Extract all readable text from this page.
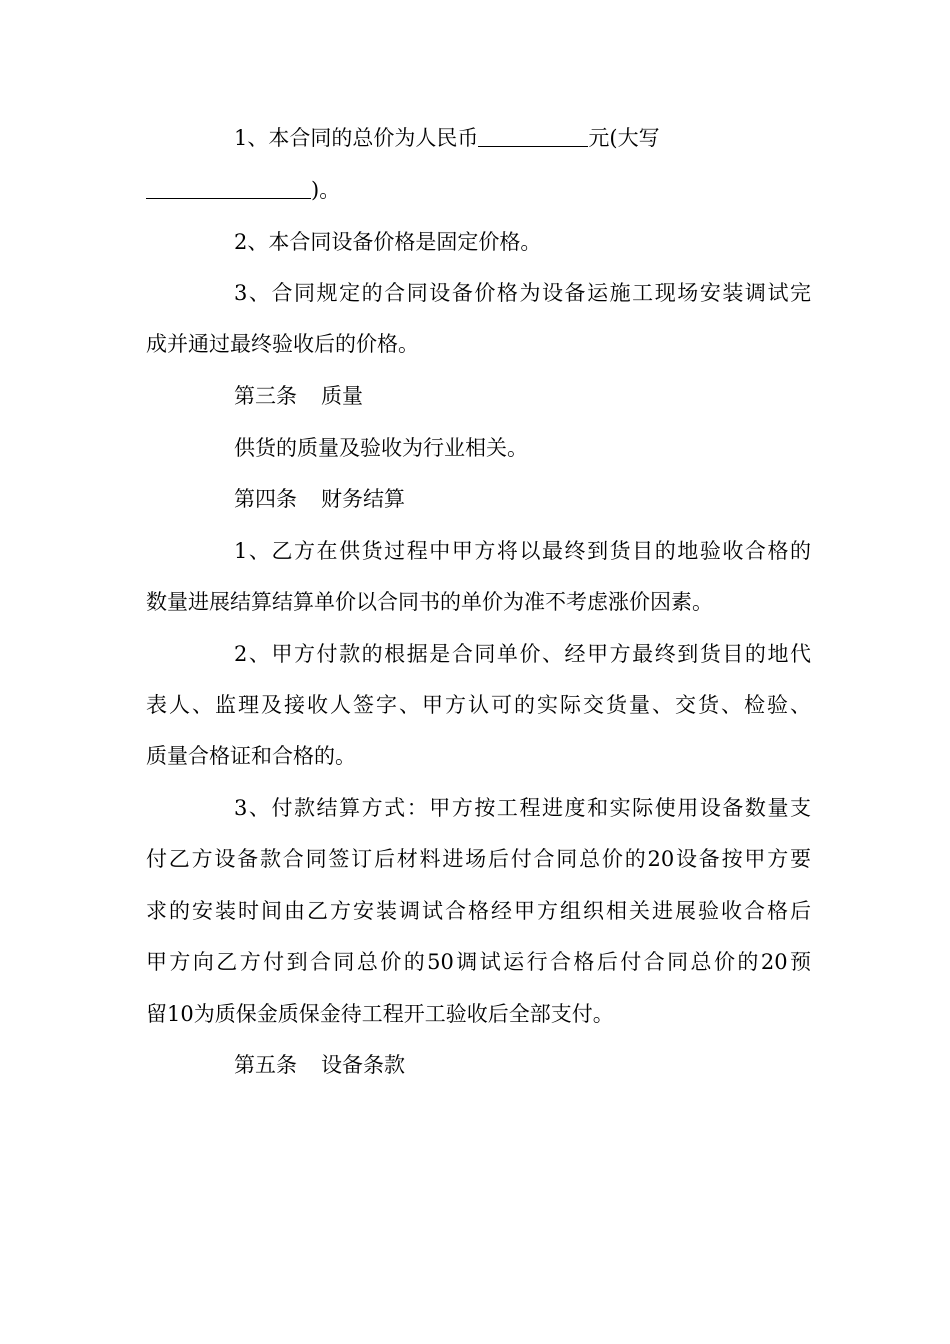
1、本合同的总价为人民币	元(大写
)。
2、本合同设备价格是固定价格。
3、合同规定的合同设备价格为设备运施工现场安装调试完
成并通过最终验收后的价格。
第三条 质量
供货的质量及验收为行业相关。
第四条 财务结算
1、乙方在供货过程中甲方将以最终到货目的地验收合格的
数量进展结算结算单价以合同书的单价为准不考虑涨价因素。
2、甲方付款的根据是合同单价、经甲方最终到货目的地代
表人、监理及接收人签字、甲方认可的实际交货量、交货、检验、
质量合格证和合格的。
3、付款结算方式：甲方按工程进度和实际使用设备数量支
付乙方设备款合同签订后材料进场后付合同总价的20设备按甲方要
求的安装时间由乙方安装调试合格经甲方组织相关进展验收合格后
甲方向乙方付到合同总价的50调试运行合格后付合同总价的20预
留10为质保金质保金待工程开工验收后全部支付。
第五条 设备条款
